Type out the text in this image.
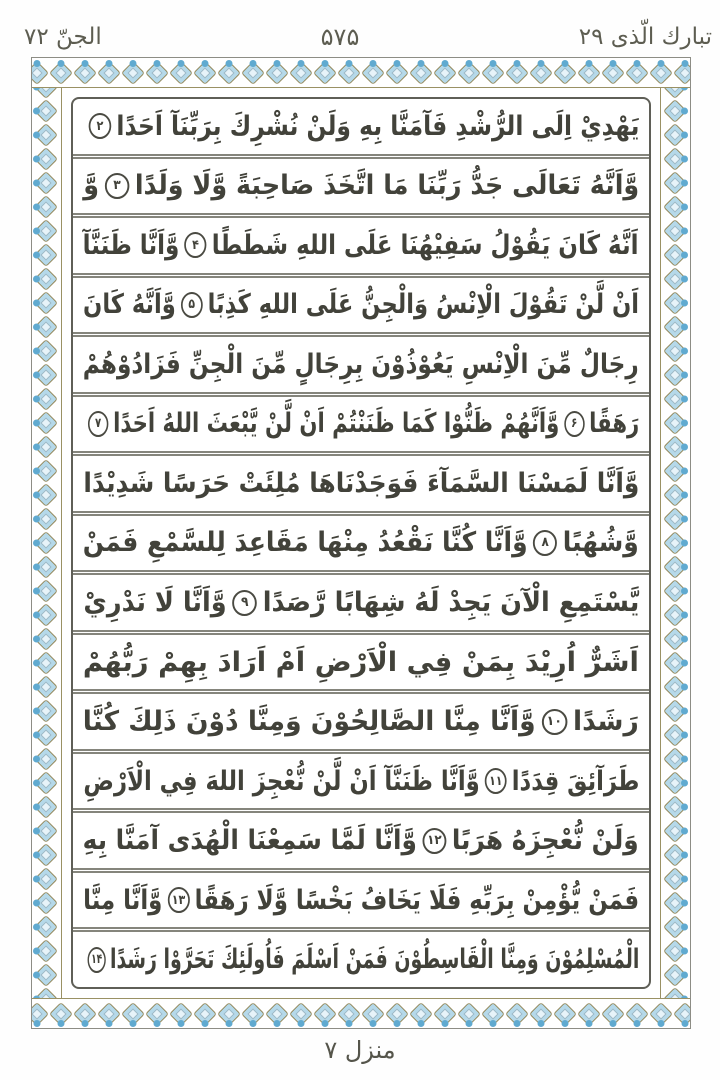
الجنّ ۷۲	۵۷۵	تبارك الّذى ۲۹
يَهْدِيْ اِلَى الرُّشْدِ فَآمَنَّا بِهِ وَلَنْ نُشْرِكَ بِرَبِّنَآ اَحَدًا
۲
وَّاَنَّهُ تَعَالَى جَدُّ رَبِّنَا مَا اتَّخَذَ صَاحِبَةً وَّلَا وَلَدًا
۳
وَّ
اَنَّهُ كَانَ يَقُوْلُ سَفِيْهُنَا عَلَى اللهِ شَطَطًا
۴
وَّاَنَّا ظَنَنَّآ
اَنْ لَّنْ تَقُوْلَ الْاِنْسُ وَالْجِنُّ عَلَى اللهِ كَذِبًا
۵
وَّاَنَّهُ كَانَ
رِجَالٌ مِّنَ الْاِنْسِ يَعُوْذُوْنَ بِرِجَالٍ مِّنَ الْجِنِّ فَزَادُوْهُمْ
رَهَقًا
۶
وَّاَنَّهُمْ ظَنُّوْا كَمَا ظَنَنْتُمْ اَنْ لَّنْ يَّبْعَثَ اللهُ اَحَدًا
۷
وَّاَنَّا لَمَسْنَا السَّمَآءَ فَوَجَدْنَاهَا مُلِئَتْ حَرَسًا شَدِيْدًا
وَّشُهُبًا
۸
وَّاَنَّا كُنَّا نَقْعُدُ مِنْهَا مَقَاعِدَ لِلسَّمْعِ فَمَنْ
يَّسْتَمِعِ الْآنَ يَجِدْ لَهُ شِهَابًا رَّصَدًا
۹
وَّاَنَّا لَا نَدْرِيْ
اَشَرٌّ اُرِيْدَ بِمَنْ فِي الْاَرْضِ اَمْ اَرَادَ بِهِمْ رَبُّهُمْ
رَشَدًا
۱۰
وَّاَنَّا مِنَّا الصَّالِحُوْنَ وَمِنَّا دُوْنَ ذَلِكَ كُنَّا
طَرَآئِقَ قِدَدًا
۱۱
وَّاَنَّا ظَنَنَّآ اَنْ لَّنْ نُّعْجِزَ اللهَ فِي الْاَرْضِ
وَلَنْ نُّعْجِزَهُ هَرَبًا
۱۲
وَّاَنَّا لَمَّا سَمِعْنَا الْهُدَى آمَنَّا بِهِ
فَمَنْ يُّؤْمِنْ بِرَبِّهِ فَلَا يَخَافُ بَخْسًا وَّلَا رَهَقًا
۱۳
وَّاَنَّا مِنَّا
الْمُسْلِمُوْنَ وَمِنَّا الْقَاسِطُوْنَ فَمَنْ اَسْلَمَ فَاُولَئِكَ تَحَرَّوْا رَشَدًا
۱۴
منزل ۷
